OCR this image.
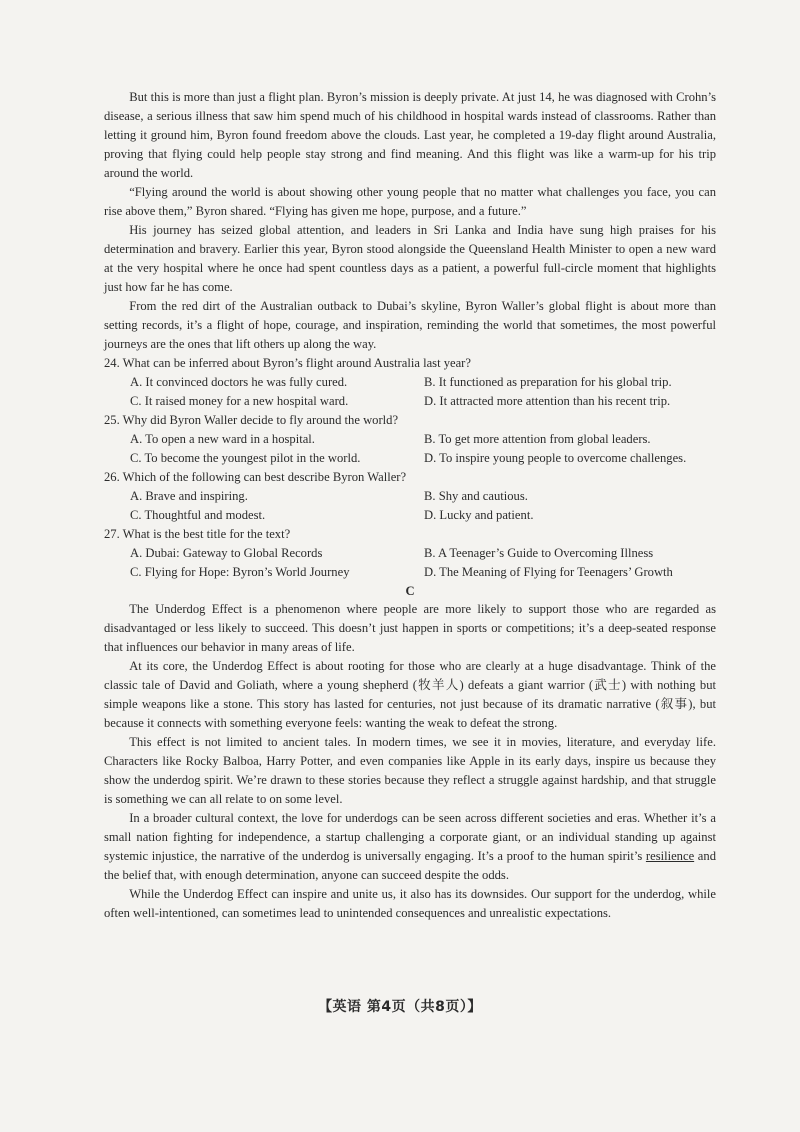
But this is more than just a flight plan. Byron’s mission is deeply private. At just 14, he was diagnosed with Crohn’s disease, a serious illness that saw him spend much of his childhood in hospital wards instead of classrooms. Rather than letting it ground him, Byron found freedom above the clouds. Last year, he completed a 19-day flight around Australia, proving that flying could help people stay strong and find meaning. And this flight was like a warm-up for his trip around the world.

“Flying around the world is about showing other young people that no matter what challenges you face, you can rise above them,” Byron shared. “Flying has given me hope, purpose, and a future.”

His journey has seized global attention, and leaders in Sri Lanka and India have sung high praises for his determination and bravery. Earlier this year, Byron stood alongside the Queensland Health Minister to open a new ward at the very hospital where he once had spent countless days as a patient, a powerful full-circle moment that highlights just how far he has come.

From the red dirt of the Australian outback to Dubai’s skyline, Byron Waller’s global flight is about more than setting records, it’s a flight of hope, courage, and inspiration, reminding the world that sometimes, the most powerful journeys are the ones that lift others up along the way.

24. What can be inferred about Byron’s flight around Australia last year?

A. It convinced doctors he was fully cured.	B. It functioned as preparation for his global trip.
C. It raised money for a new hospital ward.	D. It attracted more attention than his recent trip.

25. Why did Byron Waller decide to fly around the world?

A. To open a new ward in a hospital.	B. To get more attention from global leaders.
C. To become the youngest pilot in the world.	D. To inspire young people to overcome challenges.

26. Which of the following can best describe Byron Waller?

A. Brave and inspiring.	B. Shy and cautious.
C. Thoughtful and modest.	D. Lucky and patient.

27. What is the best title for the text?

A. Dubai: Gateway to Global Records	B. A Teenager’s Guide to Overcoming Illness
C. Flying for Hope: Byron’s World Journey	D. The Meaning of Flying for Teenagers’ Growth

C

The Underdog Effect is a phenomenon where people are more likely to support those who are regarded as disadvantaged or less likely to succeed. This doesn’t just happen in sports or competitions; it’s a deep-seated response that influences our behavior in many areas of life.

At its core, the Underdog Effect is about rooting for those who are clearly at a huge disadvantage. Think of the classic tale of David and Goliath, where a young shepherd (牧羊人) defeats a giant warrior (武士) with nothing but simple weapons like a stone. This story has lasted for centuries, not just because of its dramatic narrative (叙事), but because it connects with something everyone feels: wanting the weak to defeat the strong.

This effect is not limited to ancient tales. In modern times, we see it in movies, literature, and everyday life. Characters like Rocky Balboa, Harry Potter, and even companies like Apple in its early days, inspire us because they show the underdog spirit. We’re drawn to these stories because they reflect a struggle against hardship, and that struggle is something we can all relate to on some level.

In a broader cultural context, the love for underdogs can be seen across different societies and eras. Whether it’s a small nation fighting for independence, a startup challenging a corporate giant, or an individual standing up against systemic injustice, the narrative of the underdog is universally engaging. It’s a proof to the human spirit’s resilience and the belief that, with enough determination, anyone can succeed despite the odds.

While the Underdog Effect can inspire and unite us, it also has its downsides. Our support for the underdog, while often well-intentioned, can sometimes lead to unintended consequences and unrealistic expectations.

【英语 第4页（共8页）】
